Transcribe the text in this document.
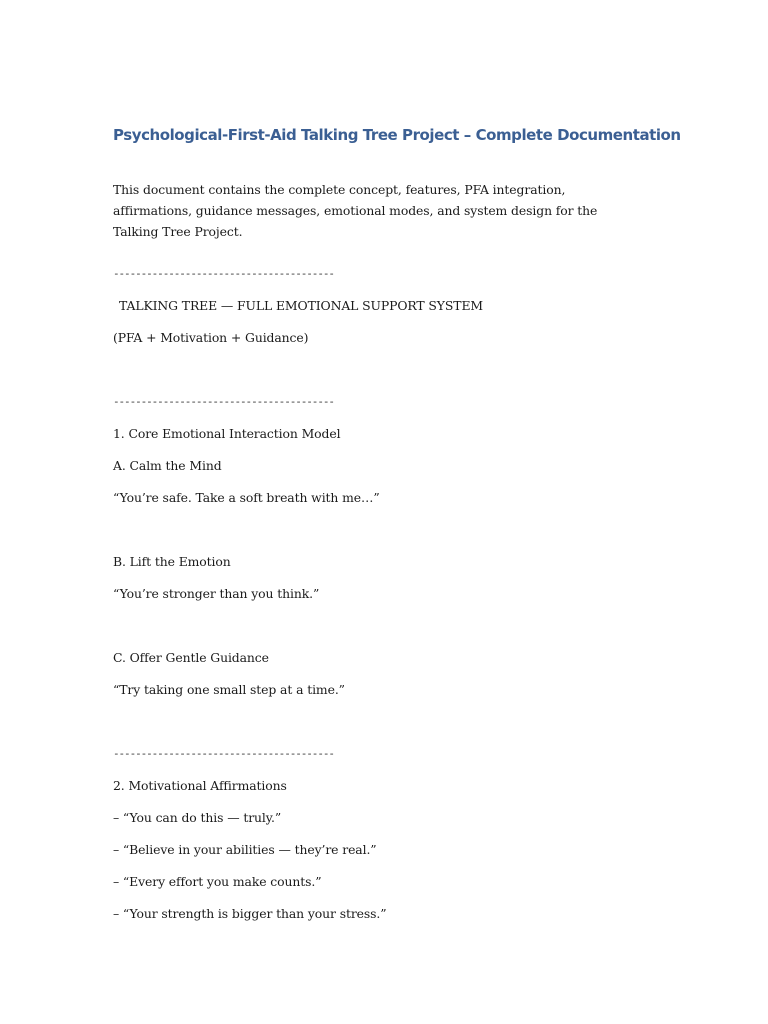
Psychological-First-Aid Talking Tree Project – Complete Documentation

This document contains the complete concept, features, PFA integration, affirmations, guidance messages, emotional modes, and system design for the Talking Tree Project.

----------------------------------------

TALKING TREE — FULL EMOTIONAL SUPPORT SYSTEM

(PFA + Motivation + Guidance)

----------------------------------------

1. Core Emotional Interaction Model

A. Calm the Mind

“You’re safe. Take a soft breath with me…”

B. Lift the Emotion

“You’re stronger than you think.”

C. Offer Gentle Guidance

“Try taking one small step at a time.”

----------------------------------------

2. Motivational Affirmations

– “You can do this — truly.”

– “Believe in your abilities — they’re real.”

– “Every effort you make counts.”

– “Your strength is bigger than your stress.”
